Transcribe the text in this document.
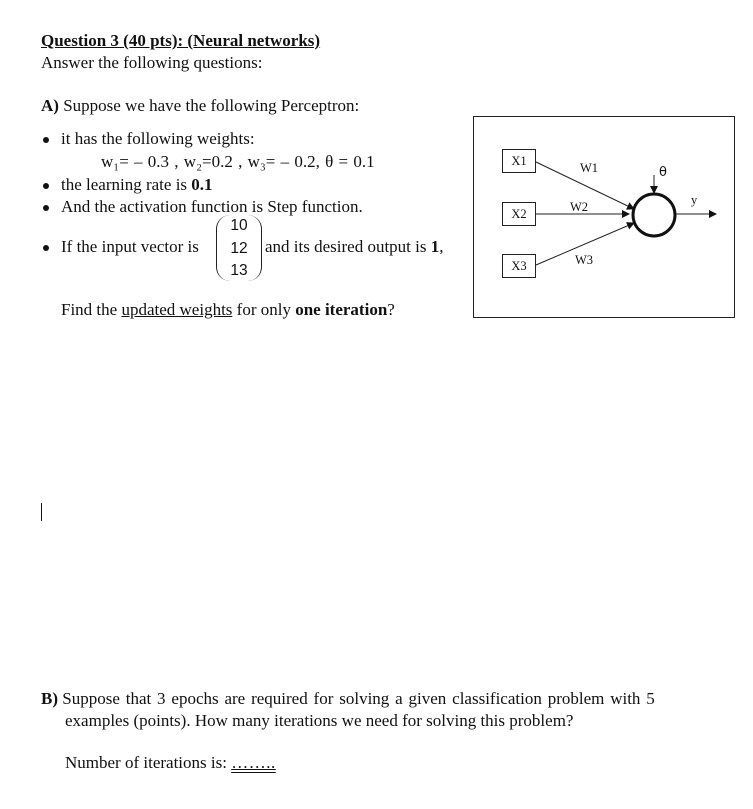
Question 3 (40 pts): (Neural networks)
Answer the following questions:
A) Suppose we have the following Perceptron:
it has the following weights:
w₁= – 0.3 , w₂=0.2 , w₃= – 0.2, θ = 0.1
the learning rate is 0.1
And the activation function is Step function.
If the input vector is
10
12
13
and its desired output is 1,
Find the updated weights for only one iteration?
X1
X2
X3
W1
W2
W3
θ
y
B) Suppose that 3 epochs are required for solving a given classification problem with 5
examples (points). How many iterations we need for solving this problem?
Number of iterations is: ……..
